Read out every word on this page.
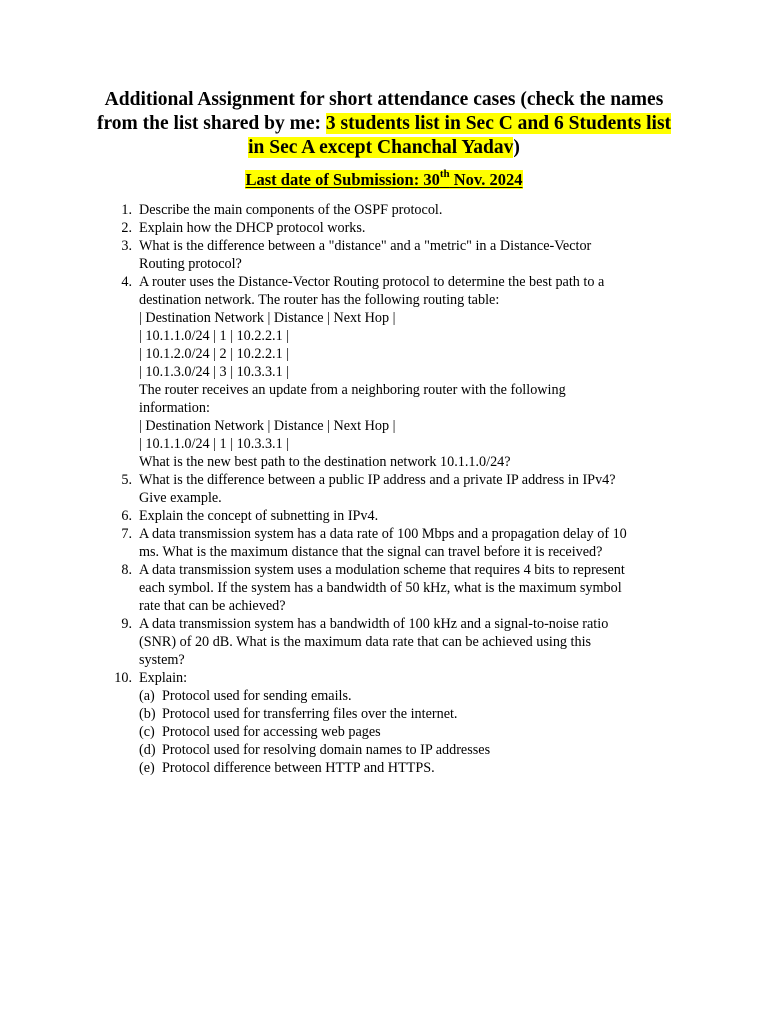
Additional Assignment for short attendance cases (check the names from the list shared by me: 3 students list in Sec C and 6 Students list in Sec A except Chanchal Yadav)
Last date of Submission: 30th Nov. 2024
1. Describe the main components of the OSPF protocol.
2. Explain how the DHCP protocol works.
3. What is the difference between a "distance" and a "metric" in a Distance-Vector
Routing protocol?
4. A router uses the Distance-Vector Routing protocol to determine the best path to a
destination network. The router has the following routing table:
| Destination Network | Distance | Next Hop |
| 10.1.1.0/24 | 1 | 10.2.2.1 |
| 10.1.2.0/24 | 2 | 10.2.2.1 |
| 10.1.3.0/24 | 3 | 10.3.3.1 |
The router receives an update from a neighboring router with the following
information:
| Destination Network | Distance | Next Hop |
| 10.1.1.0/24 | 1 | 10.3.3.1 |
What is the new best path to the destination network 10.1.1.0/24?
5. What is the difference between a public IP address and a private IP address in IPv4?
Give example.
6. Explain the concept of subnetting in IPv4.
7. A data transmission system has a data rate of 100 Mbps and a propagation delay of 10
ms. What is the maximum distance that the signal can travel before it is received?
8. A data transmission system uses a modulation scheme that requires 4 bits to represent
each symbol. If the system has a bandwidth of 50 kHz, what is the maximum symbol
rate that can be achieved?
9. A data transmission system has a bandwidth of 100 kHz and a signal-to-noise ratio
(SNR) of 20 dB. What is the maximum data rate that can be achieved using this
system?
10. Explain:
(a) Protocol used for sending emails.
(b) Protocol used for transferring files over the internet.
(c) Protocol used for accessing web pages
(d) Protocol used for resolving domain names to IP addresses
(e) Protocol difference between HTTP and HTTPS.
